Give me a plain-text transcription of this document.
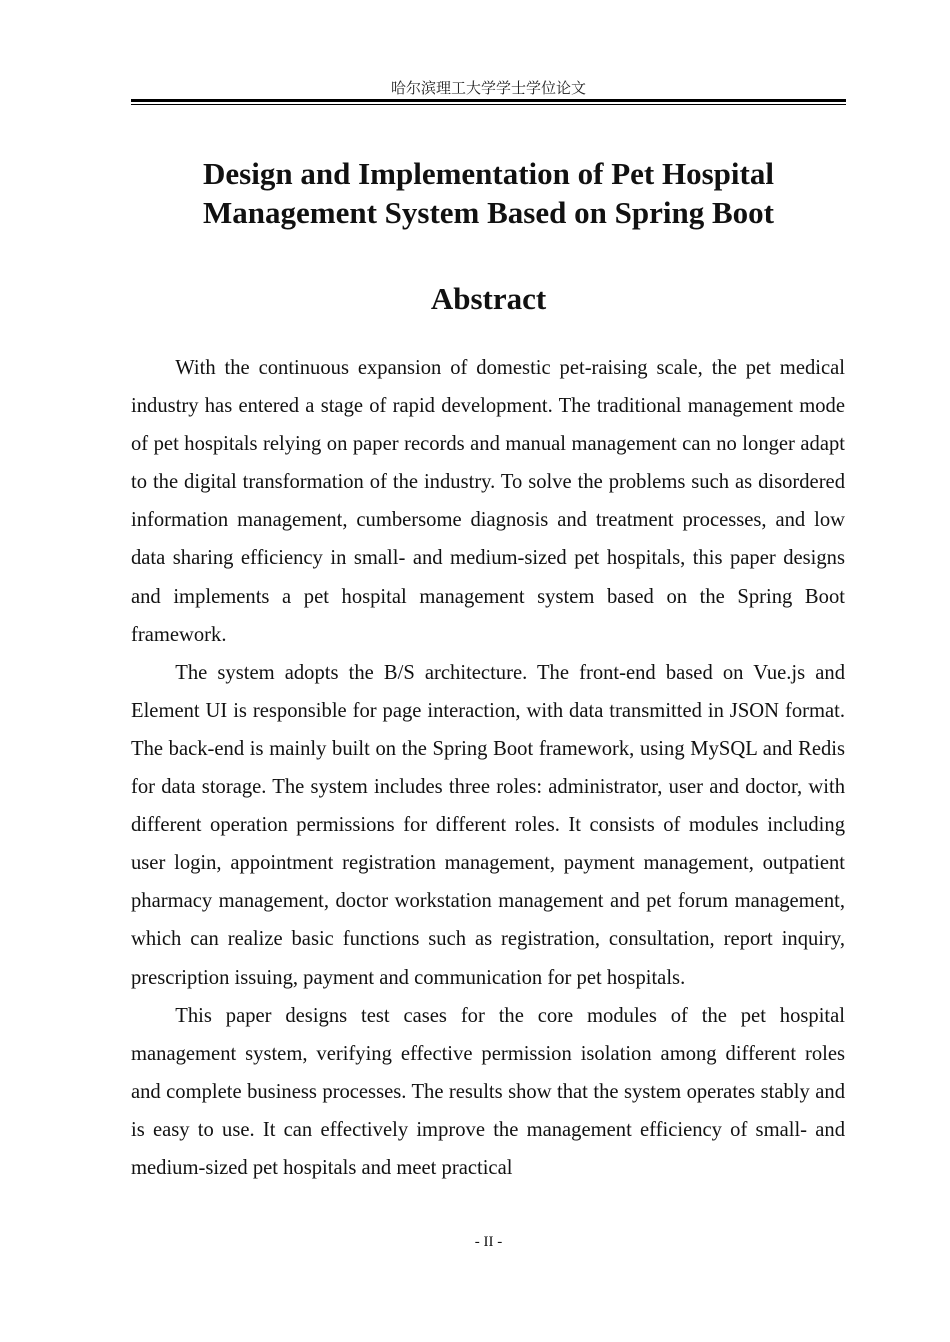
哈尔滨理工大学学士学位论文
Design and Implementation of Pet Hospital
Management System Based on Spring Boot
Abstract

With the continuous expansion of domestic pet-raising scale, the pet medical industry has entered a stage of rapid development. The traditional management mode of pet hospitals relying on paper records and manual management can no longer adapt to the digital transformation of the industry. To solve the problems such as disordered information management, cumbersome diagnosis and treatment processes, and low data sharing efficiency in small- and medium-sized pet hospitals, this paper designs and implements a pet hospital management system based on the Spring Boot framework.

The system adopts the B/S architecture. The front-end based on Vue.js and Element UI is responsible for page interaction, with data transmitted in JSON format. The back-end is mainly built on the Spring Boot framework, using MySQL and Redis for data storage. The system includes three roles: administrator, user and doctor, with different operation permissions for different roles. It consists of modules including user login, appointment registration management, payment management, outpatient pharmacy management, doctor workstation management and pet forum management, which can realize basic functions such as registration, consultation, report inquiry, prescription issuing, payment and communication for pet hospitals.

This paper designs test cases for the core modules of the pet hospital management system, verifying effective permission isolation among different roles and complete business processes. The results show that the system operates stably and is easy to use. It can effectively improve the management efficiency of small- and medium-sized pet hospitals and meet practical

- II -
